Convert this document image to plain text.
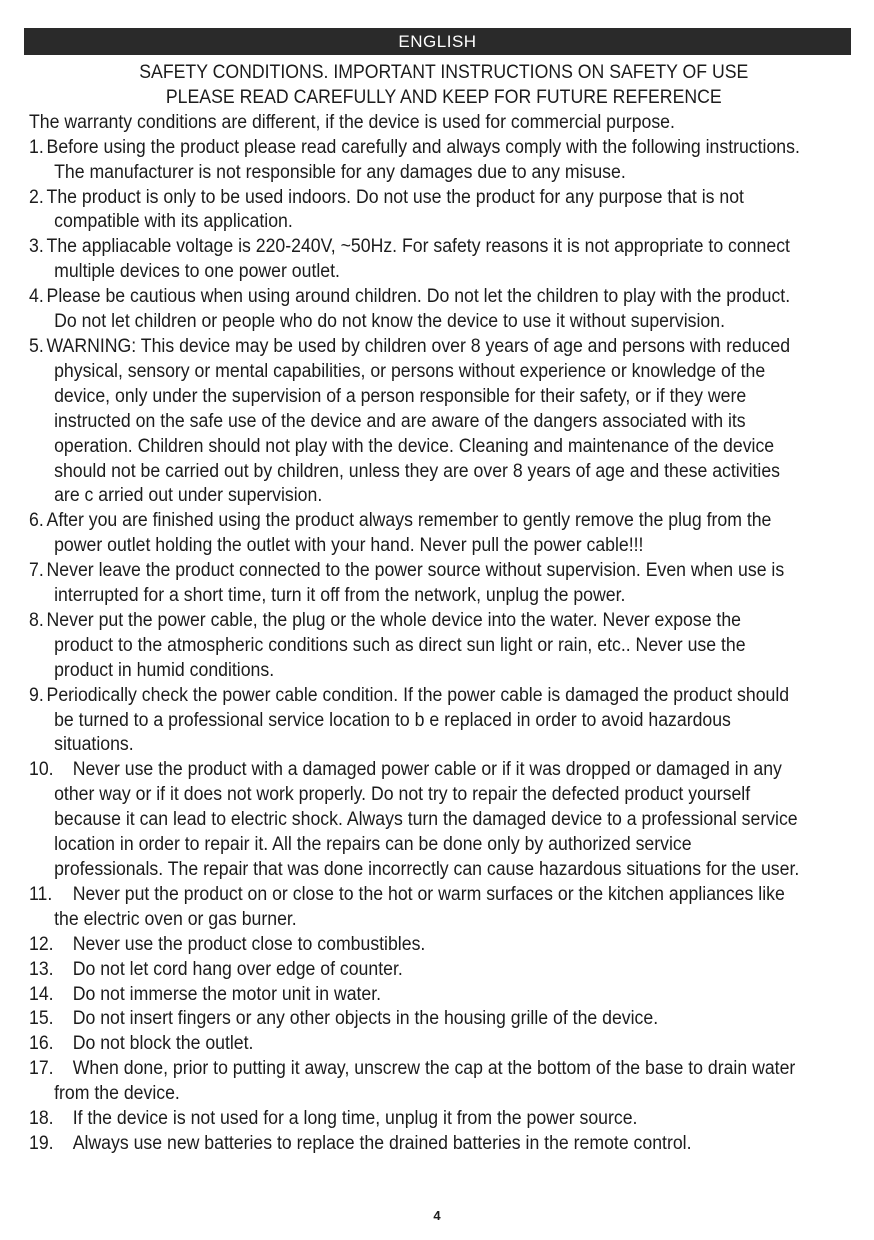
ENGLISH
SAFETY CONDITIONS. IMPORTANT INSTRUCTIONS ON SAFETY OF USE
PLEASE READ CAREFULLY AND KEEP FOR FUTURE REFERENCE
The warranty conditions are different, if the device is used for commercial purpose.
1. Before using the product please read carefully and always comply with the following instructions. The manufacturer is not responsible for any damages due to any misuse.
2. The product is only to be used indoors. Do not use the product for any purpose that is not compatible with its application.
3. The appliacable voltage is 220-240V, ~50Hz. For safety reasons it is not appropriate to connect multiple devices to one power outlet.
4. Please be cautious when using around children. Do not let the children to play with the product. Do not let children or people who do not know the device to use it without supervision.
5. WARNING: This device may be used by children over 8 years of age and persons with reduced physical, sensory or mental capabilities, or persons without experience or knowledge of the device, only under the supervision of a person responsible for their safety, or if they were instructed on the safe use of the device and are aware of the dangers associated with its operation. Children should not play with the device. Cleaning and maintenance of the device should not be carried out by children, unless they are over 8 years of age and these activities are c arried out under supervision.
6. After you are finished using the product always remember to gently remove the plug from the power outlet holding the outlet with your hand. Never pull the power cable!!!
7. Never leave the product connected to the power source without supervision. Even when use is interrupted for a short time, turn it off from the network, unplug the power.
8. Never put the power cable, the plug or the whole device into the water. Never expose the product to the atmospheric conditions such as direct sun light or rain, etc.. Never use the product in humid conditions.
9. Periodically check the power cable condition. If the power cable is damaged the product should be turned to a professional service location to b e replaced in order to avoid hazardous situations.
10. Never use the product with a damaged power cable or if it was dropped or damaged in any other way or if it does not work properly. Do not try to repair the defected product yourself because it can lead to electric shock. Always turn the damaged device to a professional service location in order to repair it. All the repairs can be done only by authorized service professionals. The repair that was done incorrectly can cause hazardous situations for the user.
11. Never put the product on or close to the hot or warm surfaces or the kitchen appliances like the electric oven or gas burner.
12. Never use the product close to combustibles.
13. Do not let cord hang over edge of counter.
14. Do not immerse the motor unit in water.
15. Do not insert fingers or any other objects in the housing grille of the device.
16. Do not block the outlet.
17. When done, prior to putting it away, unscrew the cap at the bottom of the base to drain water from the device.
18. If the device is not used for a long time, unplug it from the power source.
19. Always use new batteries to replace the drained batteries in the remote control.
4
